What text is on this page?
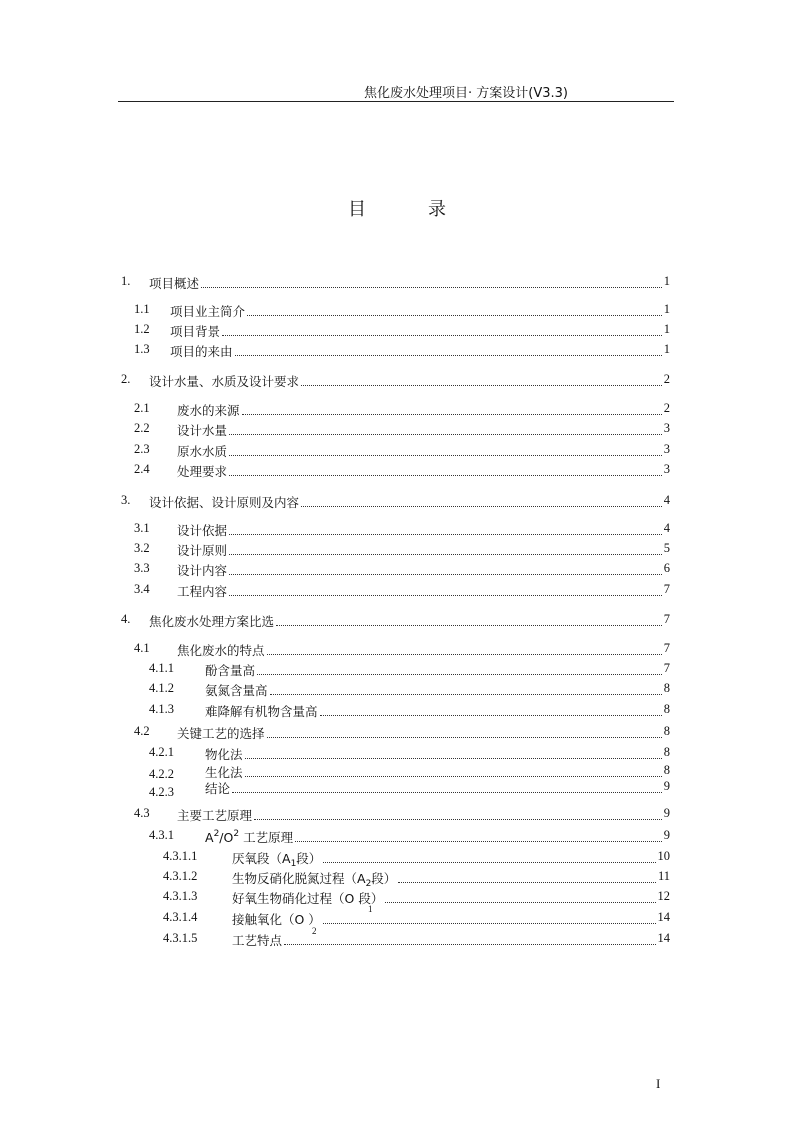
焦化废水处理项目· 方案设计(V3.3)
目	录
1. 项目概述	1
1.1 项目业主简介	1
1.2 项目背景	1
1.3 项目的来由	1
2. 设计水量、水质及设计要求	2
2.1 废水的来源	2
2.2 设计水量	3
2.3 原水水质	3
2.4 处理要求	3
3. 设计依据、设计原则及内容	4
3.1 设计依据	4
3.2 设计原则	5
3.3 设计内容	6
3.4 工程内容	7
4. 焦化废水处理方案比选	7
4.1 焦化废水的特点	7
4.1.1 酚含量高	7
4.1.2 氨氮含量高	8
4.1.3 难降解有机物含量高	8
4.2 关键工艺的选择	8
4.2.1 物化法	8
4.2.2 生化法	8
4.2.3 结论	9
4.3 主要工艺原理	9
4.3.1 $A^2/O^2$ 工艺原理	9
4.3.1.1	厌氧段（$A_1$段）	10
4.3.1.2	生物反硝化脱氮过程（$A_2$段）	11
4.3.1.3	好氧生物硝化过程（O 段）	12
4.3.1.4	接触氧化（O ）	14
1
4.3.1.5	工艺特点	14
2
I
